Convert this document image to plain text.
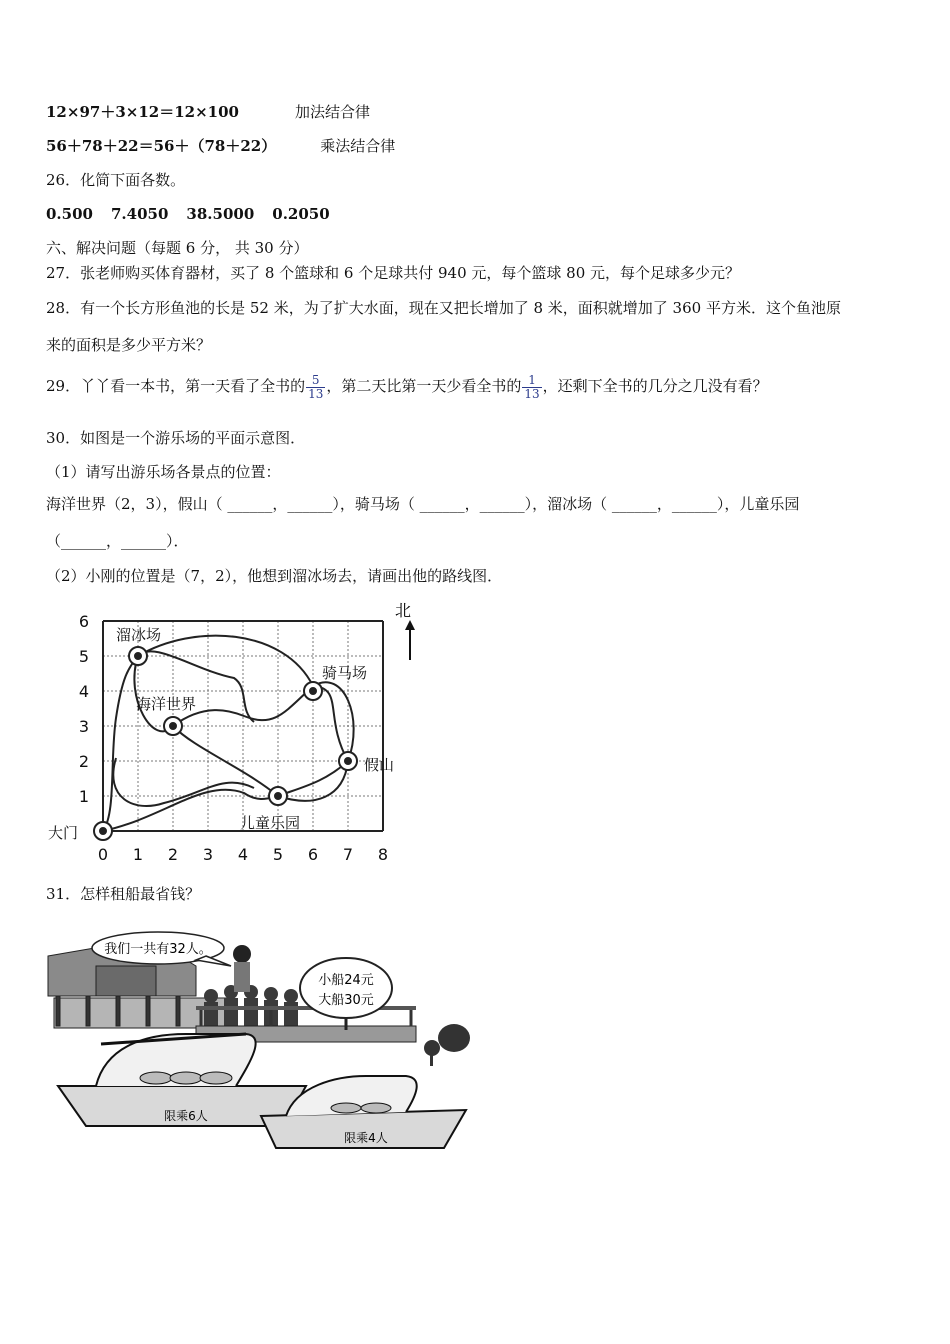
12×97＋3×12＝12×100	加法结合律
56＋78＋22＝56＋（78＋22）	乘法结合律
26．化简下面各数。
0.500 7.4050 38.5000 0.2050
六、解决问题（每题 6 分， 共 30 分）
27．张老师购买体育器材，买了 8 个篮球和 6 个足球共付 940 元，每个篮球 80 元，每个足球多少元？
28．有一个长方形鱼池的长是 52 米，为了扩大水面，现在又把长增加了 8 米，面积就增加了 360 平方米．这个鱼池原
来的面积是多少平方米？
29．丫丫看一本书，第一天看了全书的 $\frac{5}{13}$ ，第二天比第一天少看全书的 $\frac{1}{13}$ ，还剩下全书的几分之几没有看？
30．如图是一个游乐场的平面示意图．
（1）请写出游乐场各景点的位置：
海洋世界（2，3），假山（ ______，______），骑马场（ ______，______），溜冰场（ ______，______），儿童乐园
（______，______）．
（2）小刚的位置是（7，2），他想到溜冰场去，请画出他的路线图．
溜冰场
骑马场
海洋世界
假山
儿童乐园
大门
0 1 2 3 4 5 6 7 8
1
2
3
4
5
6
北
31．怎样租船最省钱？
我们一共有32人。
小船24元
大船30元
限乘6人
限乘4人
